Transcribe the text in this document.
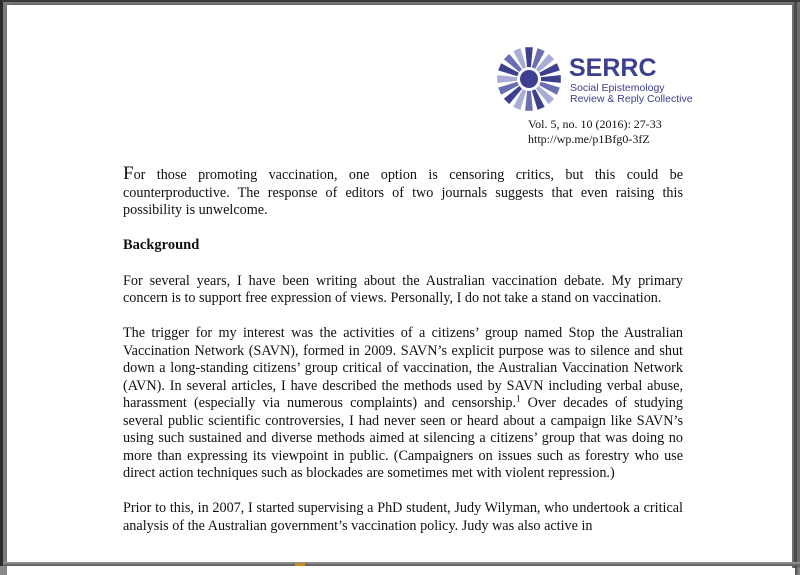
SERRC
Social Epistemology
Review & Reply Collective
Vol. 5, no. 10 (2016): 27-33
http://wp.me/p1Bfg0-3fZ

For those promoting vaccination, one option is censoring critics, but this could be counterproductive. The response of editors of two journals suggests that even raising this possibility is unwelcome.

Background

For several years, I have been writing about the Australian vaccination debate. My primary concern is to support free expression of views. Personally, I do not take a stand on vaccination.

The trigger for my interest was the activities of a citizens’ group named Stop the Australian Vaccination Network (SAVN), formed in 2009. SAVN’s explicit purpose was to silence and shut down a long-standing citizens’ group critical of vaccination, the Australian Vaccination Network (AVN). In several articles, I have described the methods used by SAVN including verbal abuse, harassment (especially via numerous complaints) and censorship.$^1$ Over decades of studying several public scientific controversies, I had never seen or heard about a campaign like SAVN’s using such sustained and diverse methods aimed at silencing a citizens’ group that was doing no more than expressing its viewpoint in public. (Campaigners on issues such as forestry who use direct action techniques such as blockades are sometimes met with violent repression.)

Prior to this, in 2007, I started supervising a PhD student, Judy Wilyman, who undertook a critical analysis of the Australian government’s vaccination policy. Judy was also active in
